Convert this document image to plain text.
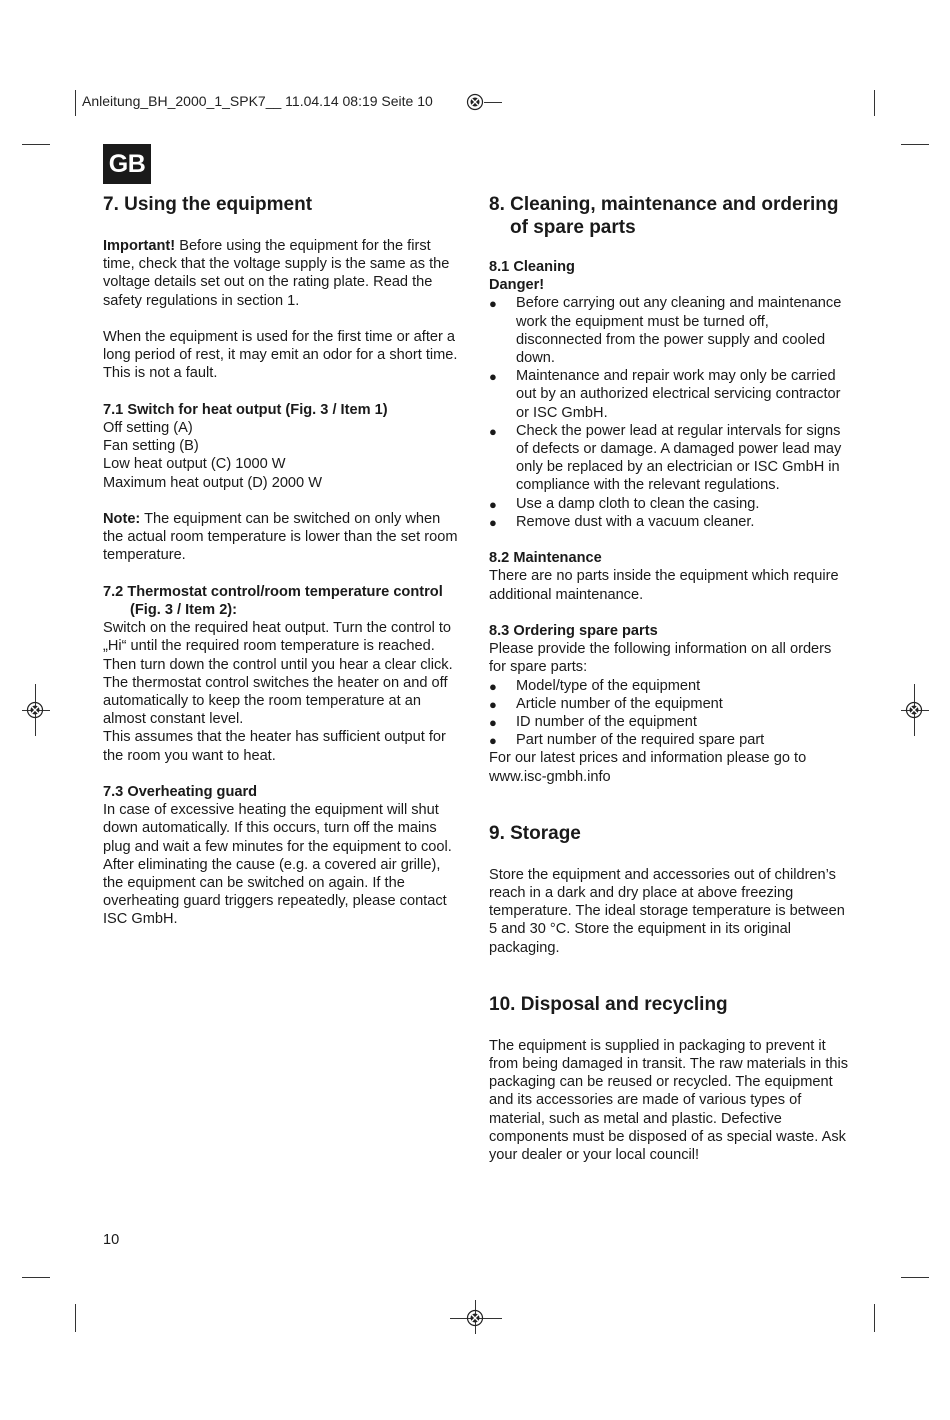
Anleitung_BH_2000_1_SPK7__ 11.04.14 08:19 Seite 10
GB
7. Using the equipment

Important! Before using the equipment for the first time, check that the voltage supply is the same as the voltage details set out on the rating plate. Read the safety regulations in section 1.

When the equipment is used for the first time or after a long period of rest, it may emit an odor for a short time. This is not a fault.

7.1 Switch for heat output (Fig. 3 / Item 1)

Off setting (A)

Fan setting (B)

Low heat output (C) 1000 W

Maximum heat output (D) 2000 W

Note: The equipment can be switched on only when the actual room temperature is lower than the set room temperature.

7.2 Thermostat control/room temperature control (Fig. 3 / Item 2):

Switch on the required heat output. Turn the control to „Hi“ until the required room temperature is reached. Then turn down the control until you hear a clear click. The thermostat control switches the heater on and off automatically to keep the room temperature at an almost constant level.

This assumes that the heater has sufficient output for the room you want to heat.

7.3 Overheating guard

In case of excessive heating the equipment will shut down automatically. If this occurs, turn off the mains plug and wait a few minutes for the equipment to cool. After eliminating the cause (e.g. a covered air grille), the equipment can be switched on again. If the overheating guard triggers repeatedly, please contact ISC GmbH.

8. Cleaning, maintenance and ordering of spare parts
8.1 Cleaning
Danger!
● Before carrying out any cleaning and maintenance work the equipment must be turned off, disconnected from the power supply and cooled down.
● Maintenance and repair work may only be carried out by an authorized electrical servicing contractor or ISC GmbH.
● Check the power lead at regular intervals for signs of defects or damage. A damaged power lead may only be replaced by an electrician or ISC GmbH in compliance with the relevant regulations.
● Use a damp cloth to clean the casing.
● Remove dust with a vacuum cleaner.
8.2 Maintenance

There are no parts inside the equipment which require additional maintenance.

8.3 Ordering spare parts

Please provide the following information on all orders for spare parts:

● Model/type of the equipment
● Article number of the equipment
● ID number of the equipment
● Part number of the required spare part

For our latest prices and information please go to www.isc-gmbh.info

9. Storage

Store the equipment and accessories out of children’s reach in a dark and dry place at above freezing temperature. The ideal storage temperature is between 5 and 30 °C. Store the equipment in its original packaging.

10. Disposal and recycling

The equipment is supplied in packaging to prevent it from being damaged in transit. The raw materials in this packaging can be reused or recycled. The equipment and its accessories are made of various types of material, such as metal and plastic. Defective components must be disposed of as special waste. Ask your dealer or your local council!

10
